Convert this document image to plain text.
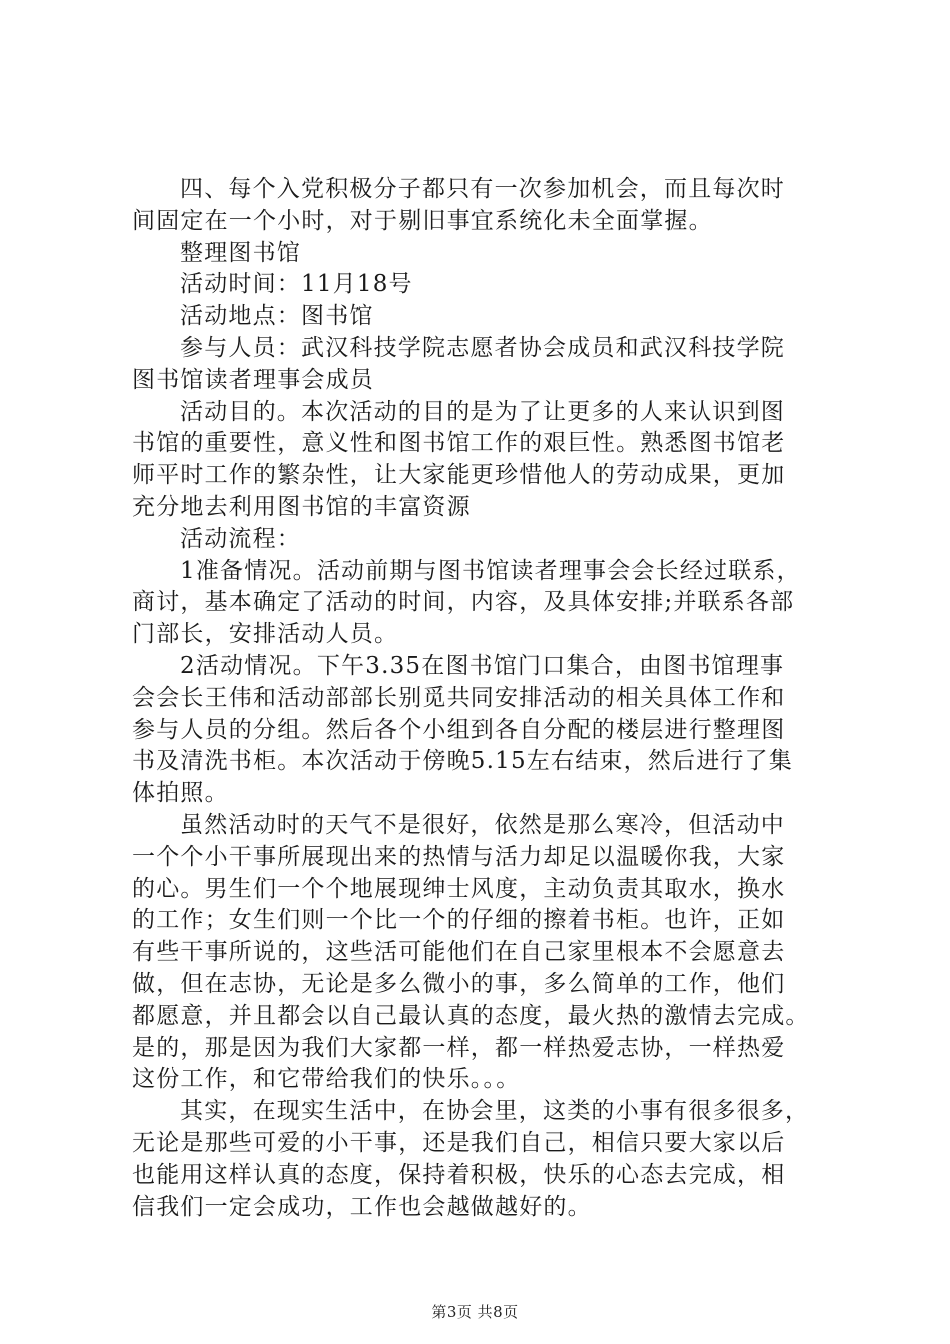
四、每个入党积极分子都只有一次参加机会，而且每次时
间固定在一个小时，对于剔旧事宜系统化未全面掌握。

整理图书馆

活动时间：11月18号

活动地点：图书馆

参与人员：武汉科技学院志愿者协会成员和武汉科技学院
图书馆读者理事会成员

活动目的。本次活动的目的是为了让更多的人来认识到图
书馆的重要性，意义性和图书馆工作的艰巨性。熟悉图书馆老
师平时工作的繁杂性，让大家能更珍惜他人的劳动成果，更加
充分地去利用图书馆的丰富资源

活动流程：

1准备情况。活动前期与图书馆读者理事会会长经过联系，
商讨，基本确定了活动的时间，内容，及具体安排;并联系各部
门部长，安排活动人员。

2活动情况。下午3.35在图书馆门口集合，由图书馆理事
会会长王伟和活动部部长别觅共同安排活动的相关具体工作和
参与人员的分组。然后各个小组到各自分配的楼层进行整理图
书及清洗书柜。本次活动于傍晚5.15左右结束，然后进行了集
体拍照。

虽然活动时的天气不是很好，依然是那么寒冷，但活动中
一个个小干事所展现出来的热情与活力却足以温暖你我，大家
的心。男生们一个个地展现绅士风度，主动负责其取水，换水
的工作；女生们则一个比一个的仔细的擦着书柜。也许，正如
有些干事所说的，这些活可能他们在自己家里根本不会愿意去
做，但在志协，无论是多么微小的事，多么简单的工作，他们
都愿意，并且都会以自己最认真的态度，最火热的激情去完成。
是的，那是因为我们大家都一样，都一样热爱志协，一样热爱
这份工作，和它带给我们的快乐。。。

其实，在现实生活中，在协会里，这类的小事有很多很多，
无论是那些可爱的小干事，还是我们自己，相信只要大家以后
也能用这样认真的态度，保持着积极，快乐的心态去完成，相
信我们一定会成功，工作也会越做越好的。

第3页 共8页
